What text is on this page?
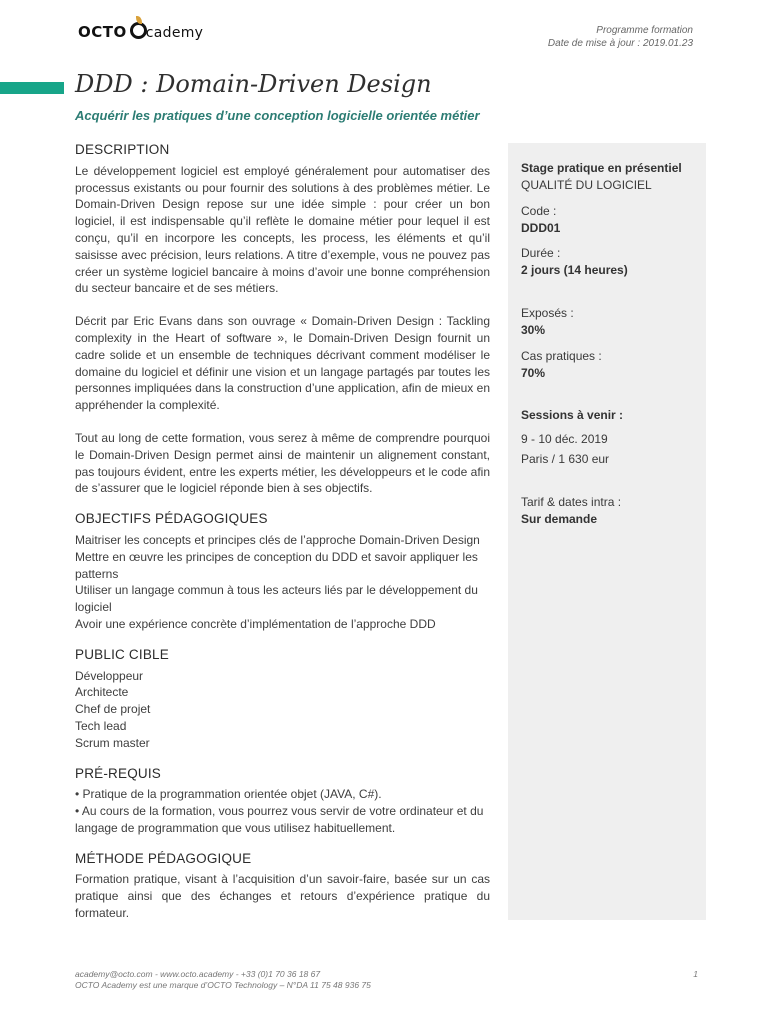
OCTO cademy	Programme formation
Date de mise à jour : 2019.01.23
DDD : Domain-Driven Design
Acquérir les pratiques d’une conception logicielle orientée métier
DESCRIPTION

Le développement logiciel est employé généralement pour automatiser des processus existants ou pour fournir des solutions à des problèmes métier. Le Domain-Driven Design repose sur une idée simple : pour créer un bon logiciel, il est indispensable qu’il reflète le domaine métier pour lequel il est conçu, qu’il en incorpore les concepts, les process, les éléments et qu’il saisisse avec précision, leurs relations. A titre d’exemple, vous ne pouvez pas créer un système logiciel bancaire à moins d’avoir une bonne compréhension du secteur bancaire et de ses métiers.

Décrit par Eric Evans dans son ouvrage « Domain-Driven Design : Tackling complexity in the Heart of software », le Domain-Driven Design fournit un cadre solide et un ensemble de techniques décrivant comment modéliser le domaine du logiciel et définir une vision et un langage partagés par toutes les personnes impliquées dans la construction d’une application, afin de mieux en appréhender la complexité.

Tout au long de cette formation, vous serez à même de comprendre pourquoi le Domain-Driven Design permet ainsi de maintenir un alignement constant, pas toujours évident, entre les experts métier, les développeurs et le code afin de s’assurer que le logiciel réponde bien à ses objectifs.

OBJECTIFS PÉDAGOGIQUES
Maitriser les concepts et principes clés de l’approche Domain-Driven Design
Mettre en œuvre les principes de conception du DDD et savoir appliquer les patterns
Utiliser un langage commun à tous les acteurs liés par le développement du logiciel
Avoir une expérience concrète d’implémentation de l’approche DDD
PUBLIC CIBLE
Développeur
Architecte
Chef de projet
Tech lead
Scrum master
PRÉ-REQUIS
• Pratique de la programmation orientée objet (JAVA, C#).
• Au cours de la formation, vous pourrez vous servir de votre ordinateur et du langage de programmation que vous utilisez habituellement.
MÉTHODE PÉDAGOGIQUE

Formation pratique, visant à l’acquisition d’un savoir-faire, basée sur un cas pratique ainsi que des échanges et retours d’expérience pratique du formateur.

Stage pratique en présentiel
QUALITÉ DU LOGICIEL
Code :
DDD01
Durée :
2 jours (14 heures)
Exposés :
30%
Cas pratiques :
70%
Sessions à venir :
9 - 10 déc. 2019
Paris / 1 630 eur
Tarif & dates intra :
Sur demande
academy@octo.com - www.octo.academy - +33 (0)1 70 36 18 67
OCTO Academy est une marque d’OCTO Technology – N°DA 11 75 48 936 75
1
